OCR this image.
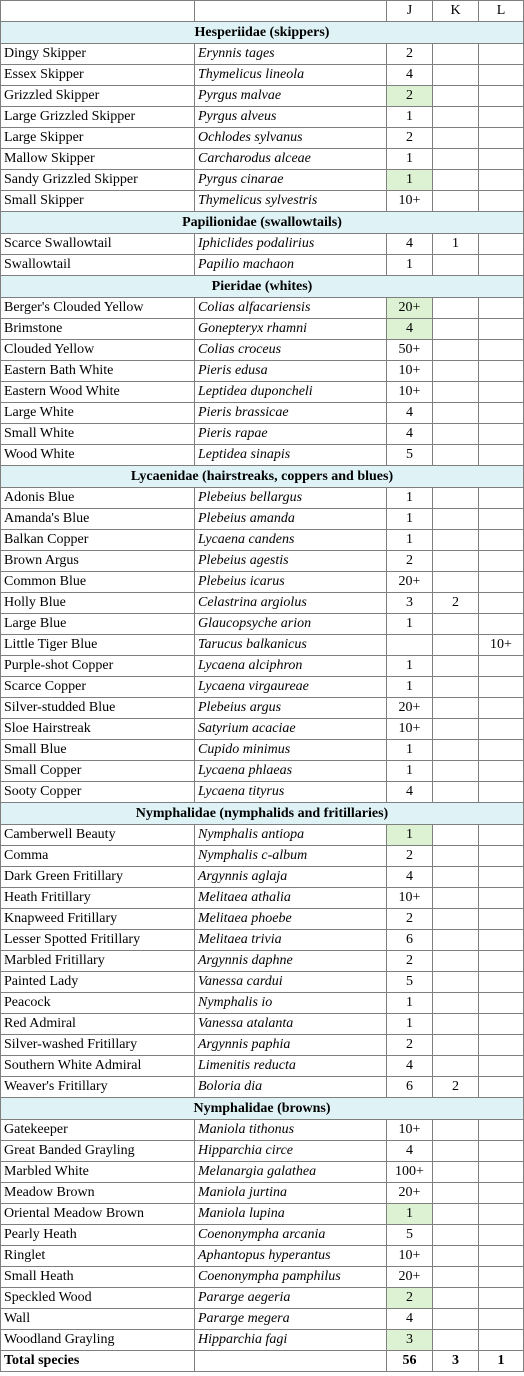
		J	K	L
Hesperiidae (skippers)				
Dingy Skipper	Erynnis tages	2		
Essex Skipper	Thymelicus lineola	4		
Grizzled Skipper	Pyrgus malvae	2		
Large Grizzled Skipper	Pyrgus alveus	1		
Large Skipper	Ochlodes sylvanus	2		
Mallow Skipper	Carcharodus alceae	1		
Sandy Grizzled Skipper	Pyrgus cinarae	1		
Small Skipper	Thymelicus sylvestris	10+		
Papilionidae (swallowtails)				
Scarce Swallowtail	Iphiclides podalirius	4	1	
Swallowtail	Papilio machaon	1		
Pieridae (whites)				
Berger's Clouded Yellow	Colias alfacariensis	20+		
Brimstone	Gonepteryx rhamni	4		
Clouded Yellow	Colias croceus	50+		
Eastern Bath White	Pieris edusa	10+		
Eastern Wood White	Leptidea duponcheli	10+		
Large White	Pieris brassicae	4		
Small White	Pieris rapae	4		
Wood White	Leptidea sinapis	5		
Lycaenidae (hairstreaks, coppers and blues)				
Adonis Blue	Plebeius bellargus	1		
Amanda's Blue	Plebeius amanda	1		
Balkan Copper	Lycaena candens	1		
Brown Argus	Plebeius agestis	2		
Common Blue	Plebeius icarus	20+		
Holly Blue	Celastrina argiolus	3	2	
Large Blue	Glaucopsyche arion	1		
Little Tiger Blue	Tarucus balkanicus			10+
Purple-shot Copper	Lycaena alciphron	1		
Scarce Copper	Lycaena virgaureae	1		
Silver-studded Blue	Plebeius argus	20+		
Sloe Hairstreak	Satyrium acaciae	10+		
Small Blue	Cupido minimus	1		
Small Copper	Lycaena phlaeas	1		
Sooty Copper	Lycaena tityrus	4		
Nymphalidae (nymphalids and fritillaries)				
Camberwell Beauty	Nymphalis antiopa	1		
Comma	Nymphalis c-album	2		
Dark Green Fritillary	Argynnis aglaja	4		
Heath Fritillary	Melitaea athalia	10+		
Knapweed Fritillary	Melitaea phoebe	2		
Lesser Spotted Fritillary	Melitaea trivia	6		
Marbled Fritillary	Argynnis daphne	2		
Painted Lady	Vanessa cardui	5		
Peacock	Nymphalis io	1		
Red Admiral	Vanessa atalanta	1		
Silver-washed Fritillary	Argynnis paphia	2		
Southern White Admiral	Limenitis reducta	4		
Weaver's Fritillary	Boloria dia	6	2	
Nymphalidae (browns)				
Gatekeeper	Maniola tithonus	10+		
Great Banded Grayling	Hipparchia circe	4		
Marbled White	Melanargia galathea	100+		
Meadow Brown	Maniola jurtina	20+		
Oriental Meadow Brown	Maniola lupina	1		
Pearly Heath	Coenonympha arcania	5		
Ringlet	Aphantopus hyperantus	10+		
Small Heath	Coenonympha pamphilus	20+		
Speckled Wood	Pararge aegeria	2		
Wall	Pararge megera	4		
Woodland Grayling	Hipparchia fagi	3		
Total species		56	3	1
